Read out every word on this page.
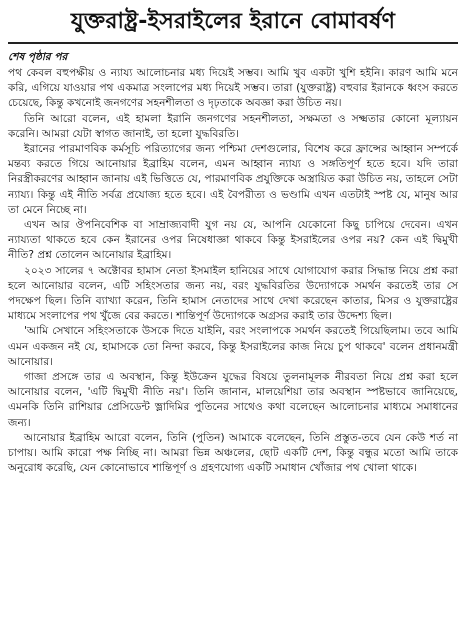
যুক্তরাষ্ট্র-ইসরাইলের ইরানে বোমাবর্ষণ
শেষ পৃষ্ঠার পর

পথ কেবল বহুপক্ষীয় ও ন্যায্য আলোচনার মধ্য দিয়েই সম্ভব। আমি খুব একটা খুশি হইনি। কারণ আমি মনে করি, এগিয়ে যাওয়ার পথ একমাত্র সংলাপের মধ্য দিয়েই সম্ভব। তারা (যুক্তরাষ্ট্র) বহুবার ইরানকে ধ্বংস করতে চেয়েছে, কিন্তু কখনোই জনগণের সহনশীলতা ও দৃঢ়তাকে অবজ্ঞা করা উচিত নয়।

তিনি আরো বলেন, এই হামলা ইরানি জনগণের সহনশীলতা, সক্ষমতা ও সক্ষ্মতার কোনো মূল্যায়ন করেনি। আমরা যেটা স্বাগত জানাই, তা হলো যুদ্ধবিরতি।

ইরানের পারমাণবিক কর্মসূচি পরিত্যাগের জন্য পশ্চিমা দেশগুলোর, বিশেষ করে ফ্রান্সের আহ্বান সম্পর্কে মন্তব্য করতে গিয়ে আনোয়ার ইব্রাহিম বলেন, এমন আহ্বান ন্যায্য ও সঙ্গতিপূর্ণ হতে হবে। যদি তারা নিরস্ত্রীকরণের আহ্বান জানায় এই ভিত্তিতে যে, পারমাণবিক প্রযুক্তিকে অস্ত্রায়িত করা উচিত নয়, তাহলে সেটা ন্যায্য। কিন্তু এই নীতি সর্বত্র প্রযোজ্য হতে হবে। এই বৈপরীত্য ও ভণ্ডামি এখন এতটাই স্পষ্ট যে, মানুষ আর তা মেনে নিচ্ছে না।

এখন আর ঔপনিবেশিক বা সাম্রাজ্যবাদী যুগ নয় যে, আপনি যেকোনো কিছু চাপিয়ে দেবেন। এখন ন্যায্যতা থাকতে হবে কেন ইরানের ওপর নিষেধাজ্ঞা থাকবে কিন্তু ইসরাইলের ওপর নয়? কেন এই দ্বিমুখী নীতি? প্রশ্ন তোলেন আনোয়ার ইব্রাহিম।

২০২৩ সালের ৭ অক্টোবর হামাস নেতা ইসমাইল হানিয়ের সাথে যোগাযোগ করার সিদ্ধান্ত নিয়ে প্রশ্ন করা হলে আনোয়ার বলেন, এটি সহিংসতার জন্য নয়, বরং যুদ্ধবিরতির উদ্যোগকে সমর্থন করতেই তার সে পদক্ষেপ ছিল। তিনি ব্যাখ্যা করেন, তিনি হামাস নেতাদের সাথে দেখা করেছেন কাতার, মিসর ও যুক্তরাষ্ট্রের মাধ্যমে সংলাপের পথ খুঁজে বের করতে। শান্তিপূর্ণ উদ্যোগকে অগ্রসর করাই তার উদ্দেশ্য ছিল।

'আমি সেখানে সহিংসতাকে উসকে দিতে যাইনি, বরং সংলাপকে সমর্থন করতেই গিয়েছিলাম। তবে আমি এমন একজন নই যে, হামাসকে তো নিন্দা করবে, কিন্তু ইসরাইলের কাজ নিয়ে চুপ থাকবে' বলেন প্রধানমন্ত্রী আনোয়ার।

গাজা প্রসঙ্গে তার এ অবস্থান, কিন্তু ইউক্রেন যুদ্ধের বিষয়ে তুলনামূলক নীরবতা নিয়ে প্রশ্ন করা হলে আনোয়ার বলেন, 'এটি দ্বিমুখী নীতি নয়'। তিনি জানান, মালয়েশিয়া তার অবস্থান স্পষ্টভাবে জানিয়েছে, এমনকি তিনি রাশিয়ার প্রেসিডেন্ট ভ্লাদিমির পুতিনের সাথেও কথা বলেছেন আলোচনার মাধ্যমে সমাধানের জন্য।

আনোয়ার ইব্রাহিম আরো বলেন, তিনি (পুতিন) আমাকে বলেছেন, তিনি প্রস্তুত-তবে যেন কেউ শর্ত না চাপায়। আমি কারো পক্ষ নিচ্ছি না। আমরা ভিন্ন অঞ্চলের, ছোট একটি দেশ, কিন্তু বন্ধুর মতো আমি তাকে অনুরোধ করেছি, যেন কোনোভাবে শান্তিপূর্ণ ও গ্রহণযোগ্য একটি সমাধান খোঁজার পথ খোলা থাকে।
